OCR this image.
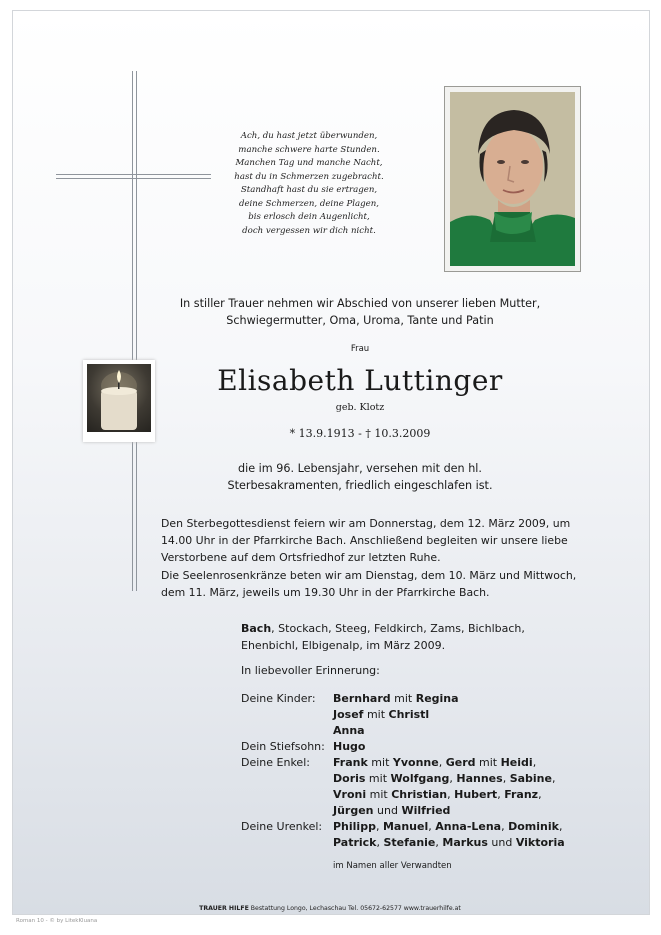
Ach, du hast jetzt überwunden,
manche schwere harte Stunden.
Manchen Tag und manche Nacht,
hast du in Schmerzen zugebracht.
Standhaft hast du sie ertragen,
deine Schmerzen, deine Plagen,
bis erlosch dein Augenlicht,
doch vergessen wir dich nicht.
In stiller Trauer nehmen wir Abschied von unserer lieben Mutter,
Schwiegermutter, Oma, Uroma, Tante und Patin
Frau
Elisabeth Luttinger
geb. Klotz
* 13.9.1913 - † 10.3.2009
die im 96. Lebensjahr, versehen mit den hl.
Sterbesakramenten, friedlich eingeschlafen ist.
Den Sterbegottesdienst feiern wir am Donnerstag, dem 12. März 2009, um 14.00 Uhr in der Pfarrkirche Bach. Anschließend begleiten wir unsere liebe Verstorbene auf dem Ortsfriedhof zur letzten Ruhe.
Die Seelenrosenkränze beten wir am Dienstag, dem 10. März und Mittwoch, dem 11. März, jeweils um 19.30 Uhr in der Pfarrkirche Bach.
Bach, Stockach, Steeg, Feldkirch, Zams, Bichlbach,
Ehenbichl, Elbigenalp, im März 2009.
In liebevoller Erinnerung:
Deine Kinder:	Bernhard mit Regina
Josef mit Christl
Anna
Dein Stiefsohn: Hugo
Deine Enkel:	Frank mit Yvonne, Gerd mit Heidi,
Doris mit Wolfgang, Hannes, Sabine,
Vroni mit Christian, Hubert, Franz,
Jürgen und Wilfried
Deine Urenkel: Philipp, Manuel, Anna-Lena, Dominik,
Patrick, Stefanie, Markus und Viktoria
im Namen aller Verwandten
TRAUER HILFE Bestattung Longo, Lechaschau Tel. 05672-62577 www.trauerhilfe.at
Roman 10 - © by LitekKluana
